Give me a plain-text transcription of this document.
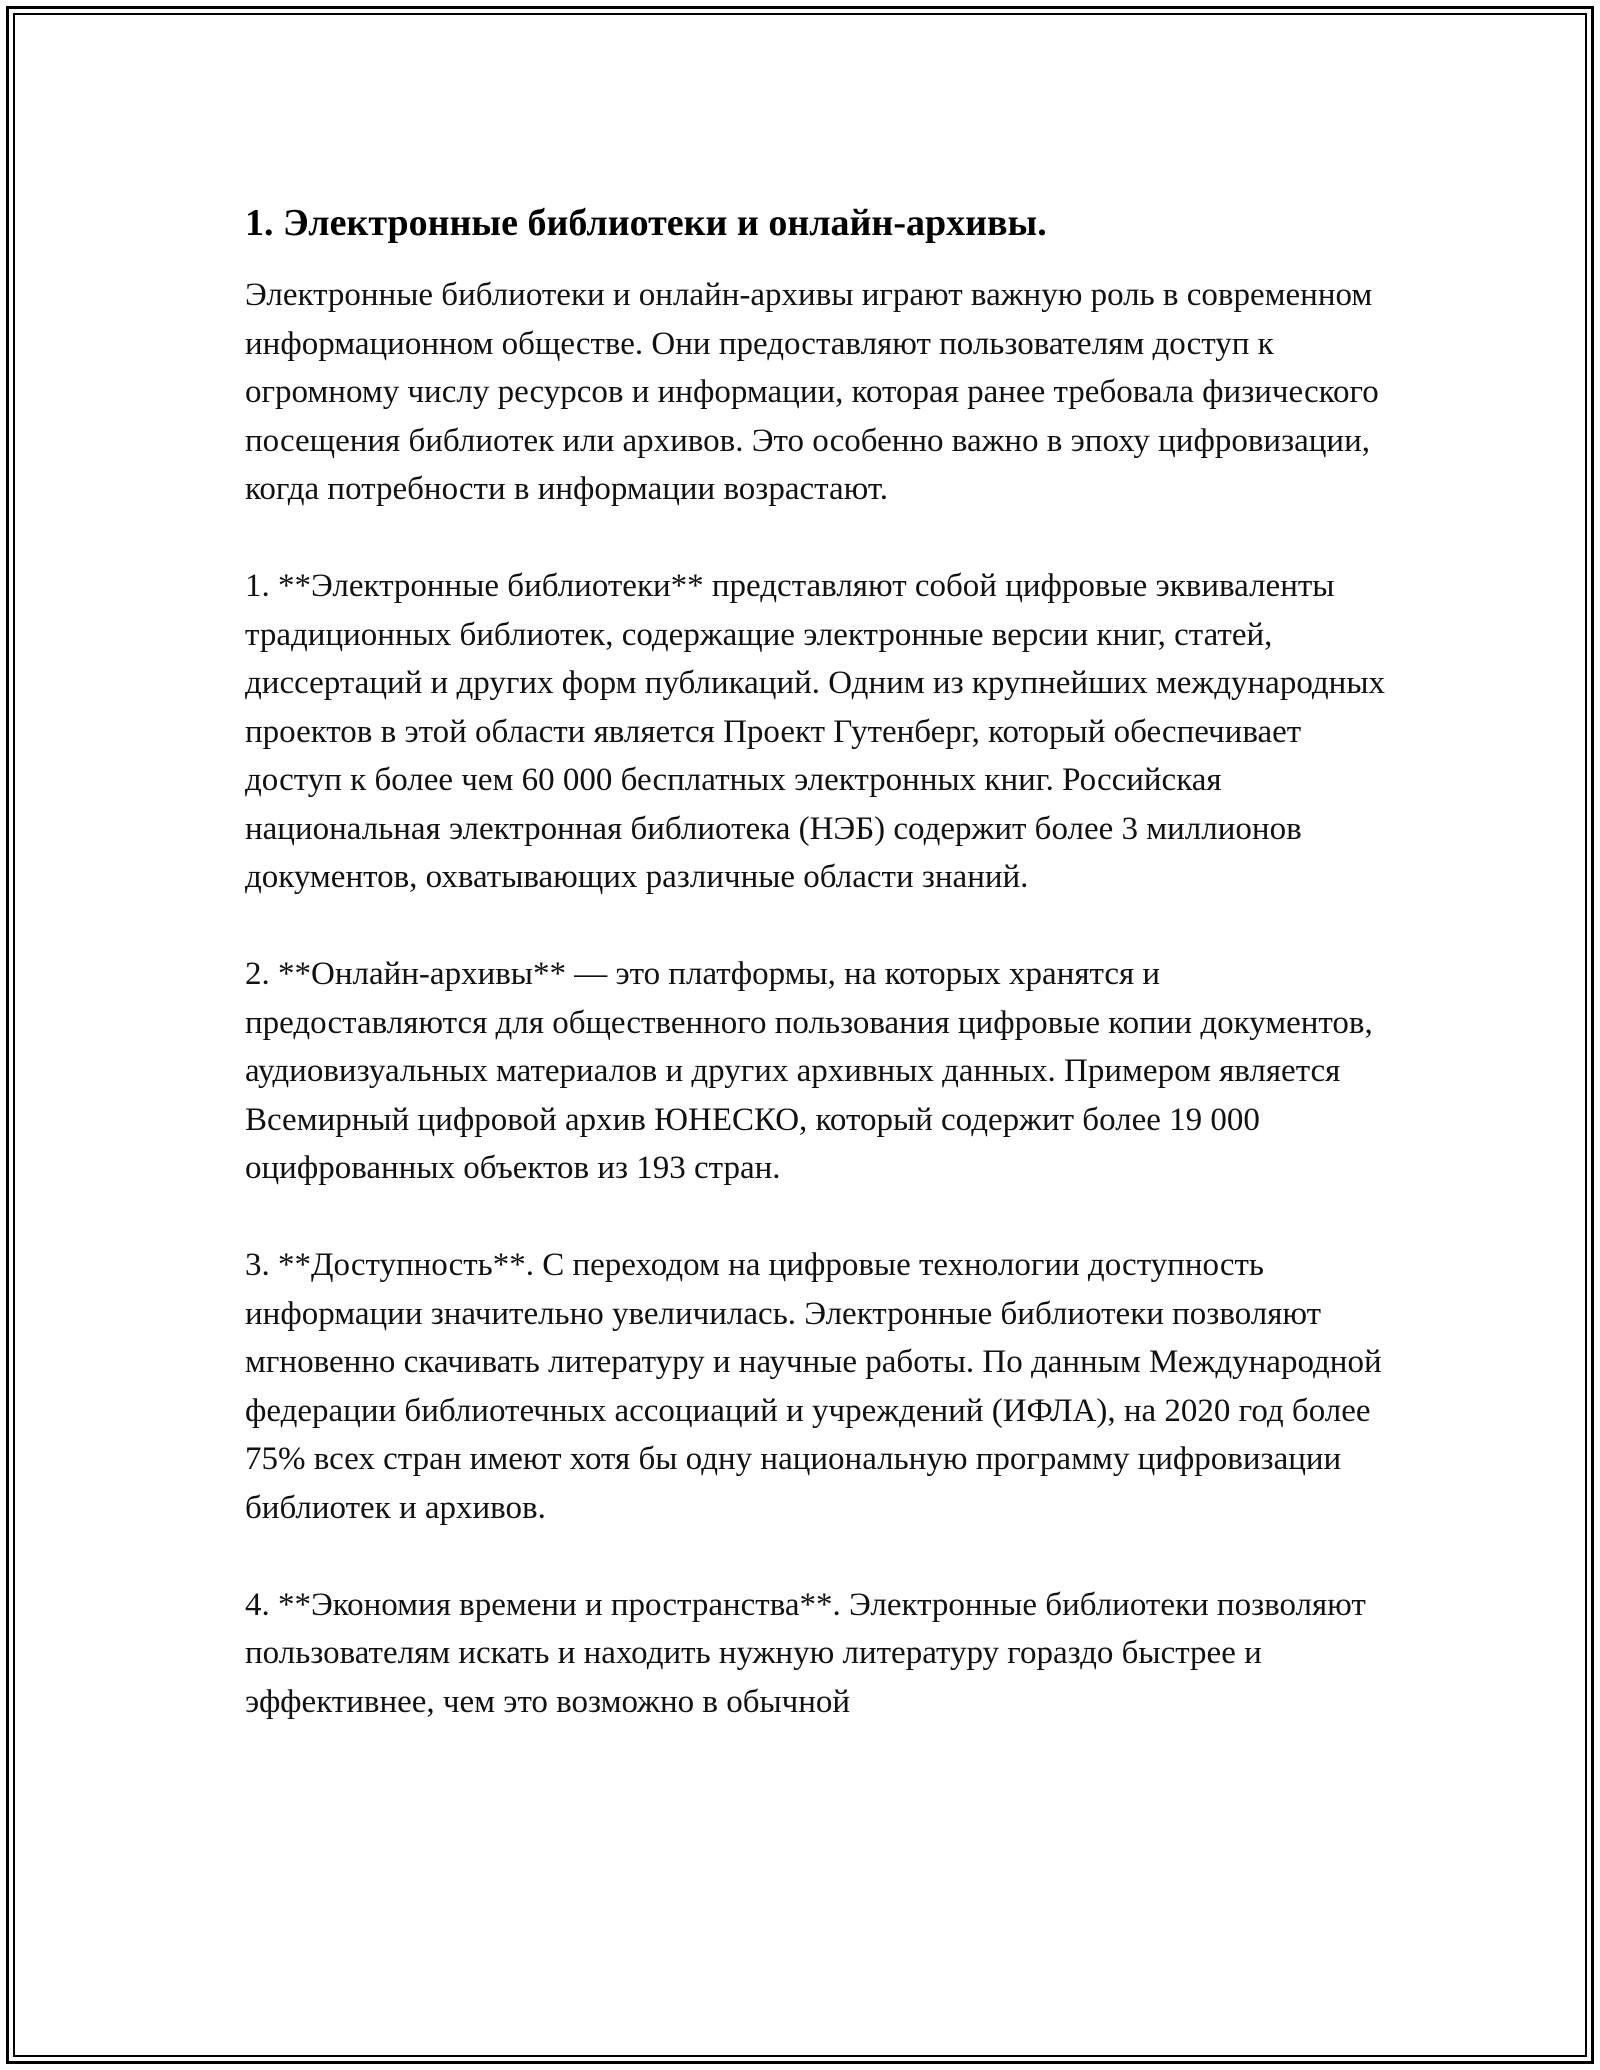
1. Электронные библиотеки и онлайн-архивы.

Электронные библиотеки и онлайн-архивы играют важную роль в современном информационном обществе. Они предоставляют пользователям доступ к огромному числу ресурсов и информации, которая ранее требовала физического посещения библиотек или архивов. Это особенно важно в эпоху цифровизации, когда потребности в информации возрастают.

1. **Электронные библиотеки** представляют собой цифровые эквиваленты традиционных библиотек, содержащие электронные версии книг, статей, диссертаций и других форм публикаций. Одним из крупнейших международных проектов в этой области является Проект Гутенберг, который обеспечивает доступ к более чем 60 000 бесплатных электронных книг. Российская национальная электронная библиотека (НЭБ) содержит более 3 миллионов документов, охватывающих различные области знаний.

2. **Онлайн-архивы** — это платформы, на которых хранятся и предоставляются для общественного пользования цифровые копии документов, аудиовизуальных материалов и других архивных данных. Примером является Всемирный цифровой архив ЮНЕСКО, который содержит более 19 000 оцифрованных объектов из 193 стран.

3. **Доступность**. С переходом на цифровые технологии доступность информации значительно увеличилась. Электронные библиотеки позволяют мгновенно скачивать литературу и научные работы. По данным Международной федерации библиотечных ассоциаций и учреждений (ИФЛА), на 2020 год более 75% всех стран имеют хотя бы одну национальную программу цифровизации библиотек и архивов.

4. **Экономия времени и пространства**. Электронные библиотеки позволяют пользователям искать и находить нужную литературу гораздо быстрее и эффективнее, чем это возможно в обычной
